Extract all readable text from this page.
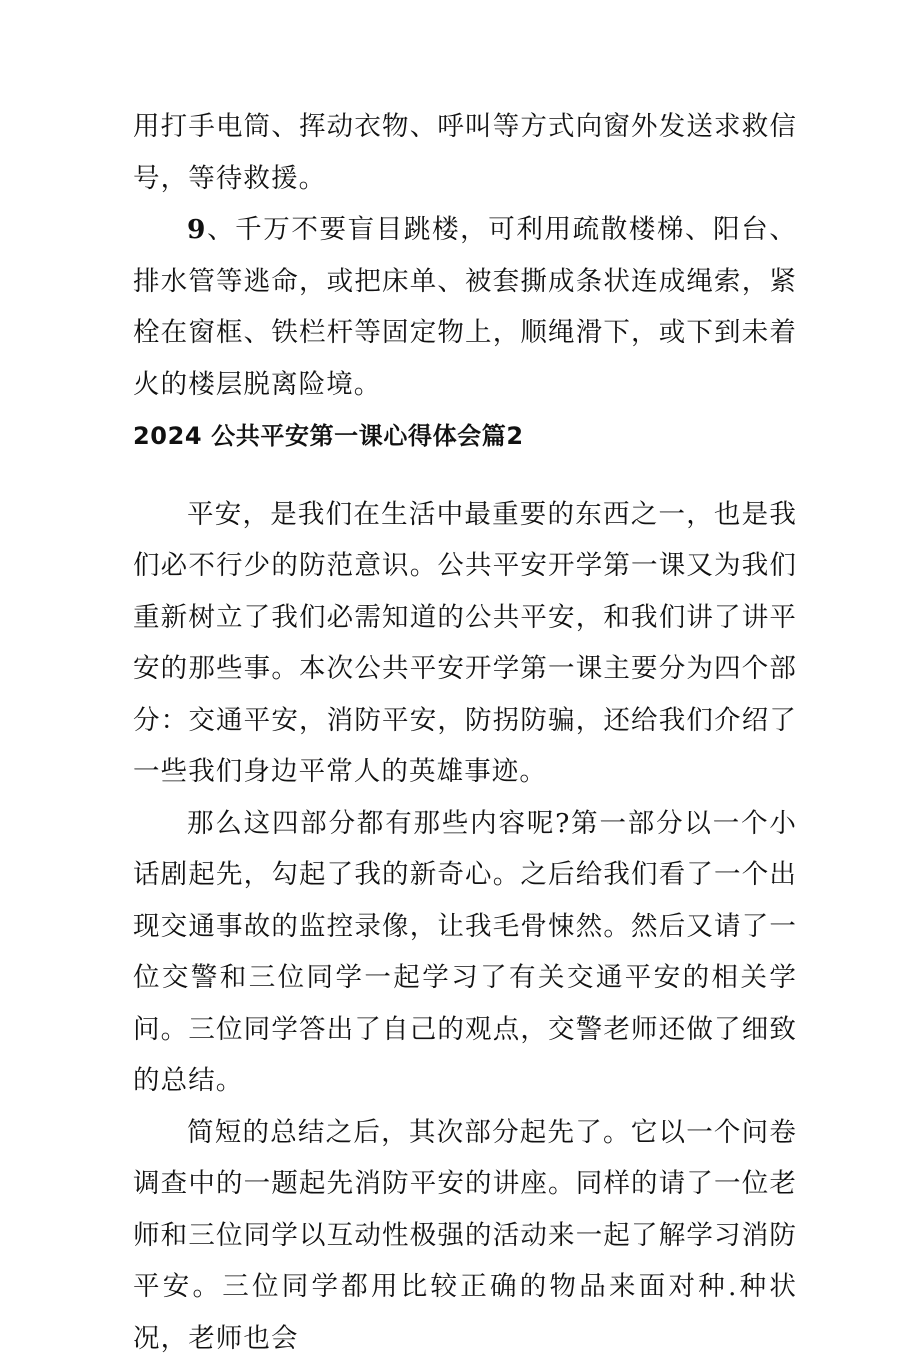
用打手电筒、挥动衣物、呼叫等方式向窗外发送求救信号，等待救援。

9、千万不要盲目跳楼，可利用疏散楼梯、阳台、排水管等逃命，或把床单、被套撕成条状连成绳索，紧栓在窗框、铁栏杆等固定物上，顺绳滑下，或下到未着火的楼层脱离险境。

2024 公共平安第一课心得体会篇2

平安，是我们在生活中最重要的东西之一，也是我们必不行少的防范意识。公共平安开学第一课又为我们重新树立了我们必需知道的公共平安，和我们讲了讲平安的那些事。本次公共平安开学第一课主要分为四个部分：交通平安，消防平安，防拐防骗，还给我们介绍了一些我们身边平常人的英雄事迹。

那么这四部分都有那些内容呢?第一部分以一个小话剧起先，勾起了我的新奇心。之后给我们看了一个出现交通事故的监控录像，让我毛骨悚然。然后又请了一位交警和三位同学一起学习了有关交通平安的相关学问。三位同学答出了自己的观点，交警老师还做了细致的总结。

简短的总结之后，其次部分起先了。它以一个问卷调查中的一题起先消防平安的讲座。同样的请了一位老师和三位同学以互动性极强的活动来一起了解学习消防平安。三位同学都用比较正确的物品来面对种.种状况，老师也会
